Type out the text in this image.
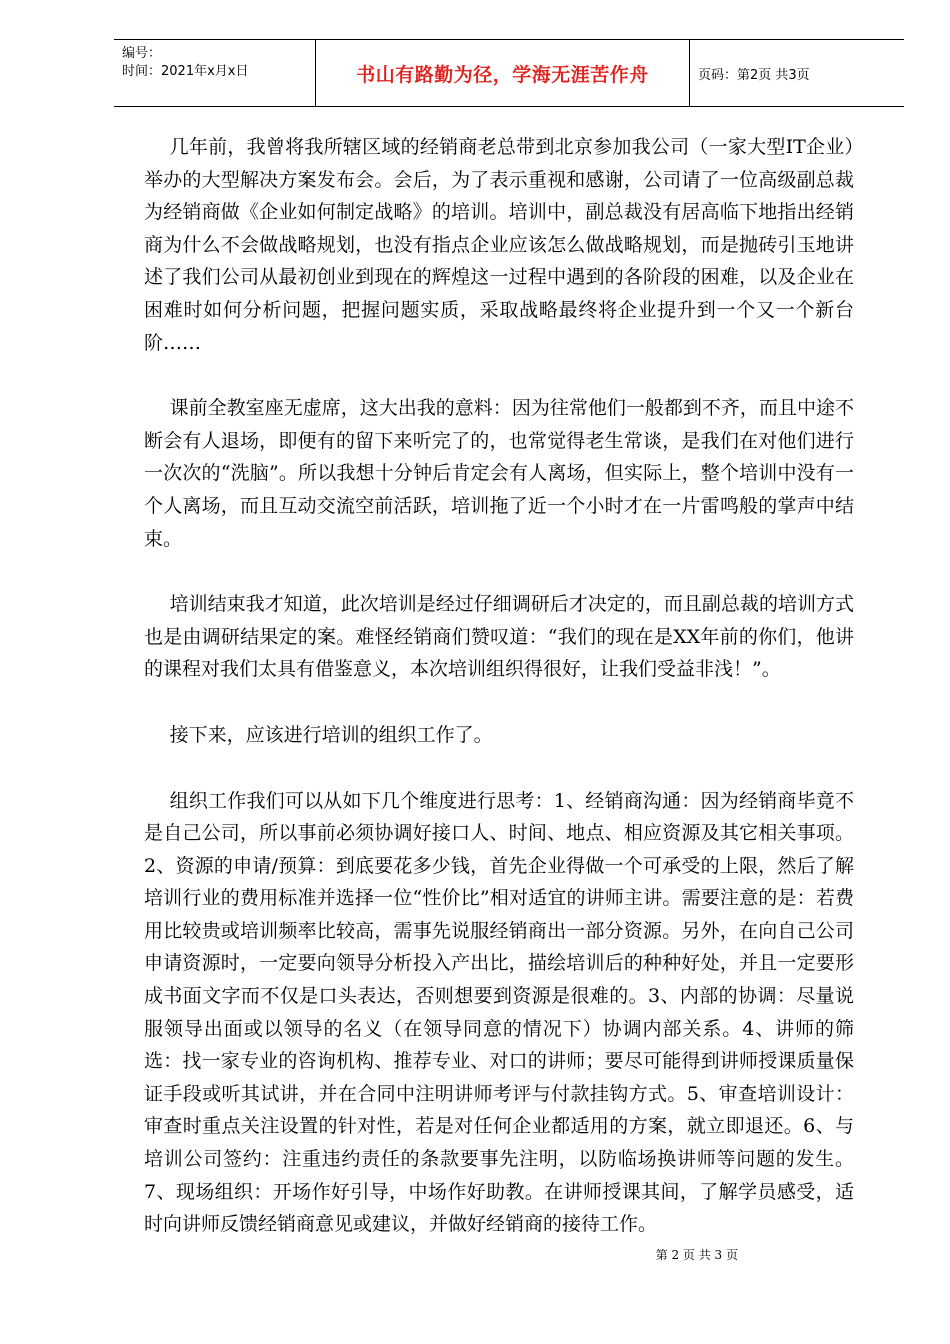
编号：
时间：2021年x月x日	书山有路勤为径，学海无涯苦作舟	页码：第2页 共3页

几年前，我曾将我所辖区域的经销商老总带到北京参加我公司（一家大型IT企业）举办的大型解决方案发布会。会后，为了表示重视和感谢，公司请了一位高级副总裁为经销商做《企业如何制定战略》的培训。培训中，副总裁没有居高临下地指出经销商为什么不会做战略规划，也没有指点企业应该怎么做战略规划，而是抛砖引玉地讲述了我们公司从最初创业到现在的辉煌这一过程中遇到的各阶段的困难，以及企业在困难时如何分析问题，把握问题实质，采取战略最终将企业提升到一个又一个新台阶……

课前全教室座无虚席，这大出我的意料：因为往常他们一般都到不齐，而且中途不断会有人退场，即便有的留下来听完了的，也常觉得老生常谈，是我们在对他们进行一次次的“洗脑”。所以我想十分钟后肯定会有人离场，但实际上，整个培训中没有一个人离场，而且互动交流空前活跃，培训拖了近一个小时才在一片雷鸣般的掌声中结束。

培训结束我才知道，此次培训是经过仔细调研后才决定的，而且副总裁的培训方式也是由调研结果定的案。难怪经销商们赞叹道：“我们的现在是XX年前的你们，他讲的课程对我们太具有借鉴意义，本次培训组织得很好，让我们受益非浅！”。

接下来，应该进行培训的组织工作了。

组织工作我们可以从如下几个维度进行思考：1、经销商沟通：因为经销商毕竟不是自己公司，所以事前必须协调好接口人、时间、地点、相应资源及其它相关事项。2、资源的申请/预算：到底要花多少钱，首先企业得做一个可承受的上限，然后了解培训行业的费用标准并选择一位“性价比”相对适宜的讲师主讲。需要注意的是：若费用比较贵或培训频率比较高，需事先说服经销商出一部分资源。另外，在向自己公司申请资源时，一定要向领导分析投入产出比，描绘培训后的种种好处，并且一定要形成书面文字而不仅是口头表达，否则想要到资源是很难的。3、内部的协调：尽量说服领导出面或以领导的名义（在领导同意的情况下）协调内部关系。4、讲师的筛选：找一家专业的咨询机构、推荐专业、对口的讲师；要尽可能得到讲师授课质量保证手段或听其试讲，并在合同中注明讲师考评与付款挂钩方式。5、审查培训设计：审查时重点关注设置的针对性，若是对任何企业都适用的方案，就立即退还。6、与培训公司签约：注重违约责任的条款要事先注明，以防临场换讲师等问题的发生。7、现场组织：开场作好引导，中场作好助教。在讲师授课其间，了解学员感受，适时向讲师反馈经销商意见或建议，并做好经销商的接待工作。

第 2 页 共 3 页
